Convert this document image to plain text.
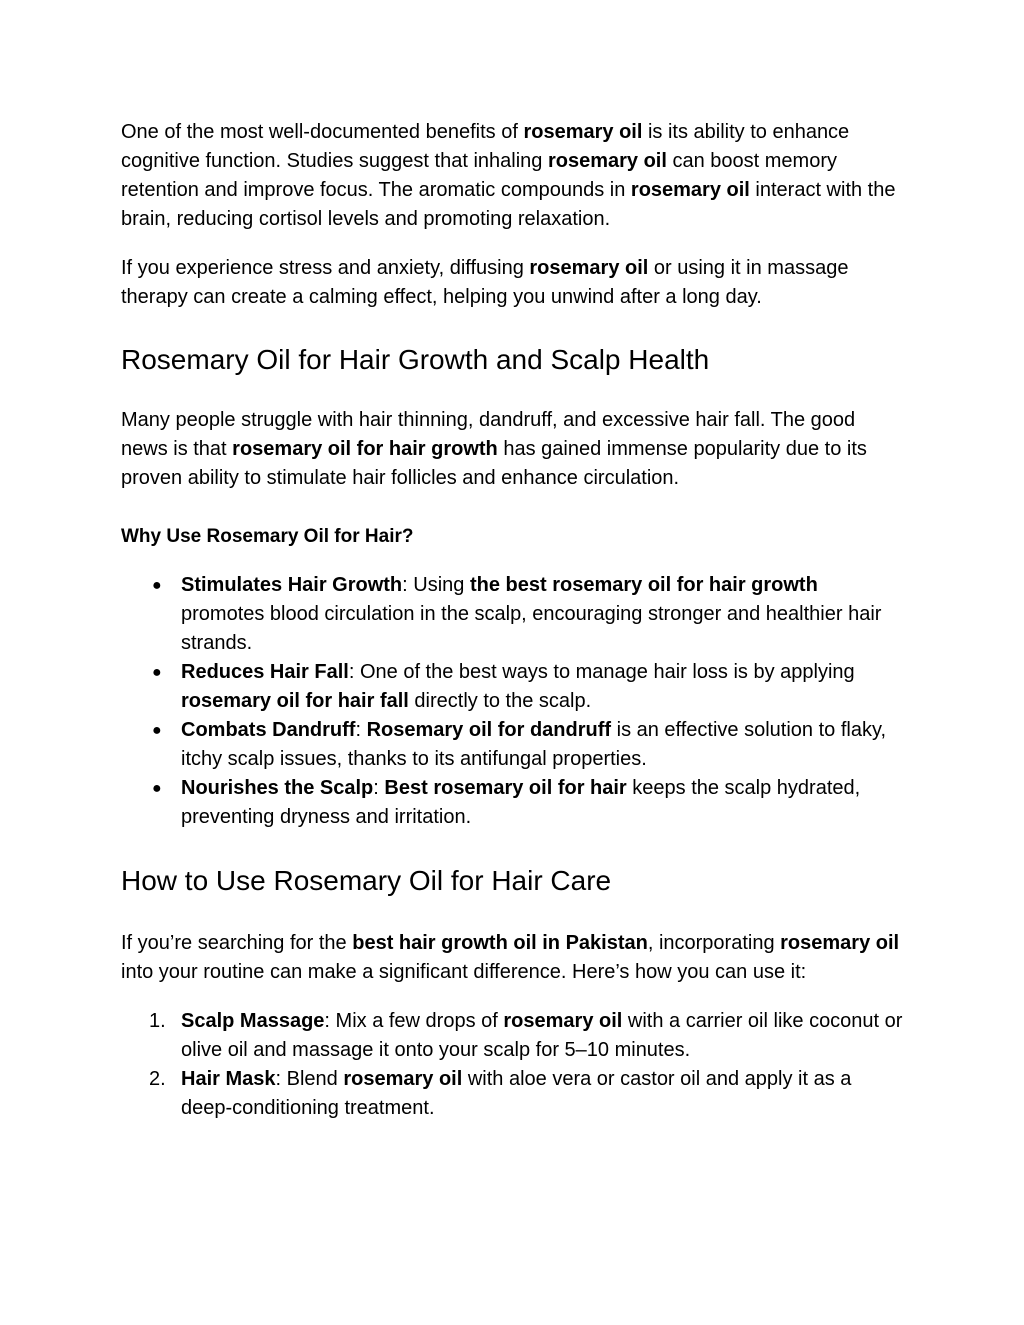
One of the most well-documented benefits of rosemary oil is its ability to enhance cognitive function. Studies suggest that inhaling rosemary oil can boost memory retention and improve focus. The aromatic compounds in rosemary oil interact with the brain, reducing cortisol levels and promoting relaxation.

If you experience stress and anxiety, diffusing rosemary oil or using it in massage therapy can create a calming effect, helping you unwind after a long day.

Rosemary Oil for Hair Growth and Scalp Health

Many people struggle with hair thinning, dandruff, and excessive hair fall. The good news is that rosemary oil for hair growth has gained immense popularity due to its proven ability to stimulate hair follicles and enhance circulation.

Why Use Rosemary Oil for Hair?
● Stimulates Hair Growth: Using the best rosemary oil for hair growth promotes blood circulation in the scalp, encouraging stronger and healthier hair strands.
● Reduces Hair Fall: One of the best ways to manage hair loss is by applying rosemary oil for hair fall directly to the scalp.
● Combats Dandruff: Rosemary oil for dandruff is an effective solution to flaky, itchy scalp issues, thanks to its antifungal properties.
● Nourishes the Scalp: Best rosemary oil for hair keeps the scalp hydrated, preventing dryness and irritation.
How to Use Rosemary Oil for Hair Care

If you’re searching for the best hair growth oil in Pakistan, incorporating rosemary oil into your routine can make a significant difference. Here’s how you can use it:

1. Scalp Massage: Mix a few drops of rosemary oil with a carrier oil like coconut or olive oil and massage it onto your scalp for 5–10 minutes.
2. Hair Mask: Blend rosemary oil with aloe vera or castor oil and apply it as a deep-conditioning treatment.
